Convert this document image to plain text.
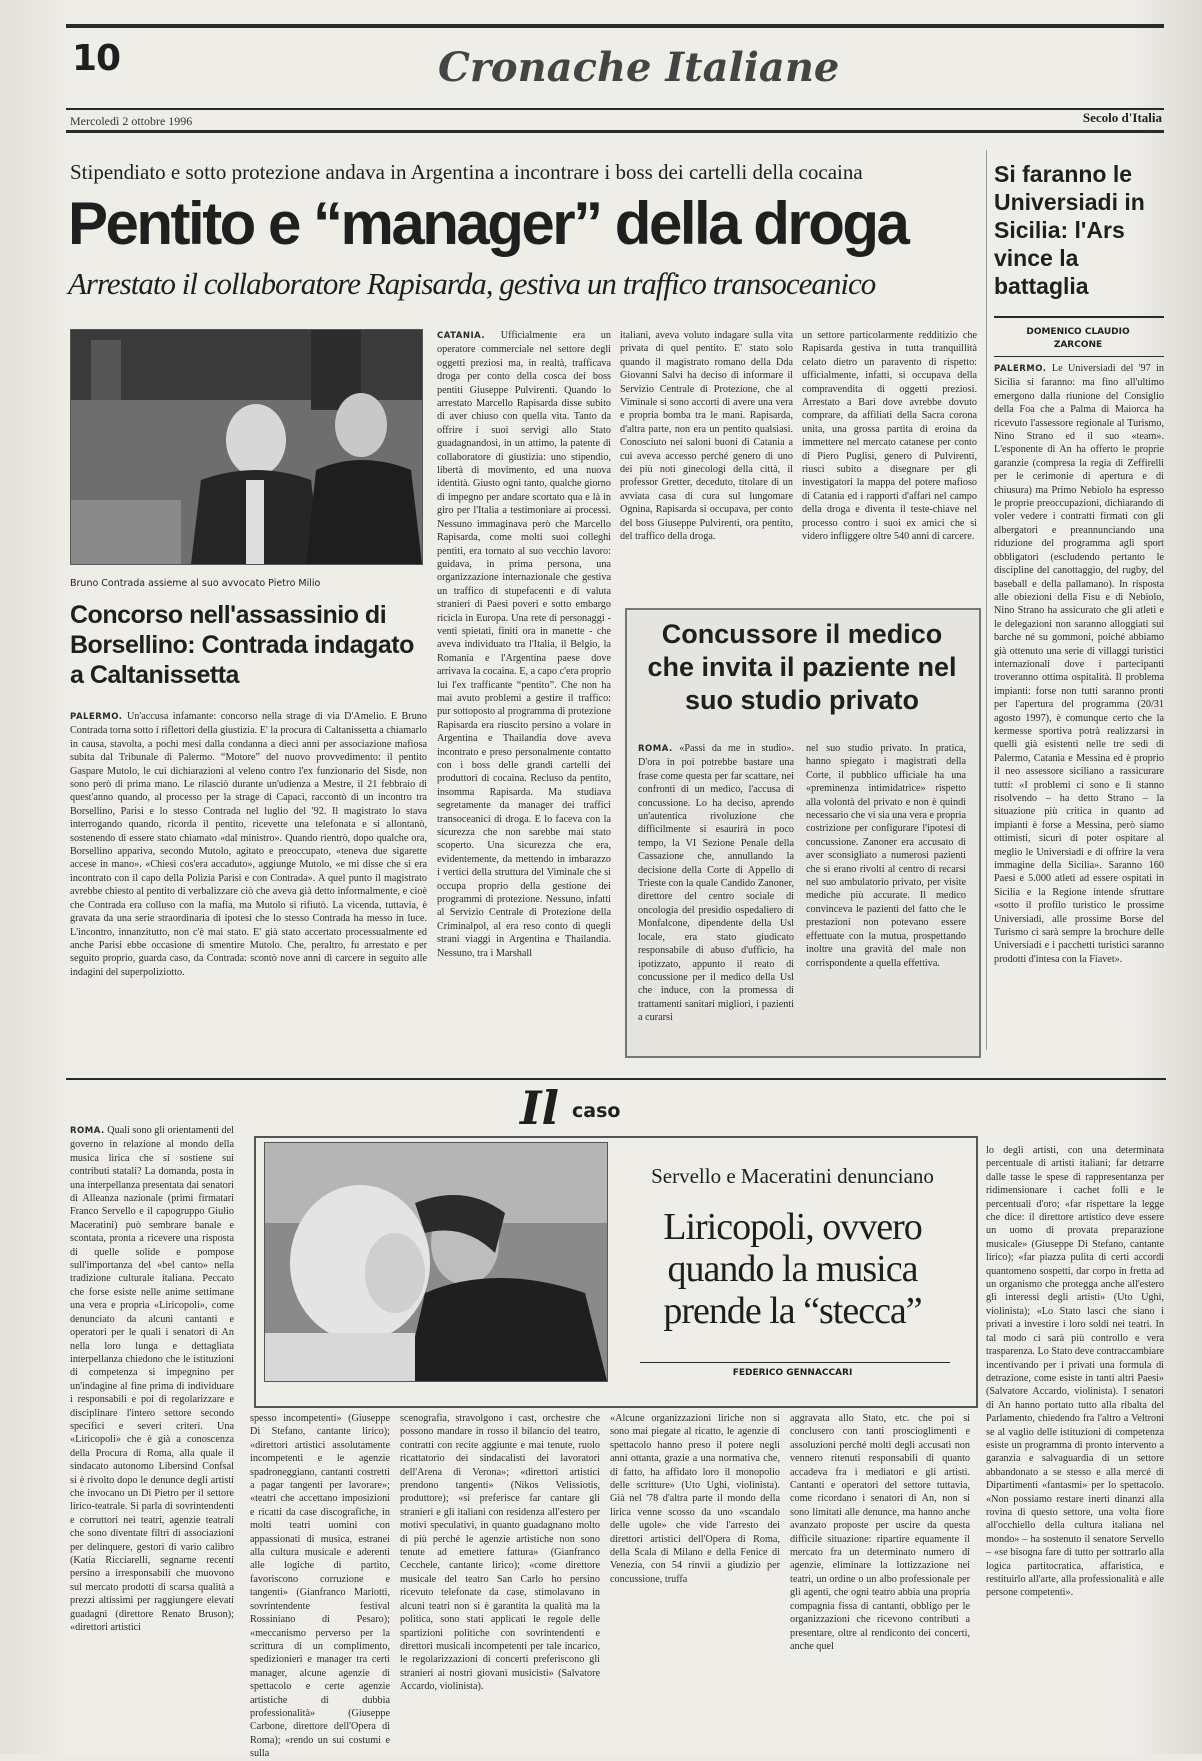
10	Cronache Italiane
Mercoledì 2 ottobre 1996	Secolo d'Italia
Stipendiato e sotto protezione andava in Argentina a incontrare i boss dei cartelli della cocaina
Pentito e “manager” della droga
Arrestato il collaboratore Rapisarda, gestiva un traffico transoceanico
Bruno Contrada assieme al suo avvocato Pietro Milio
Concorso nell'assassinio di Borsellino: Contrada indagato a Caltanissetta

PALERMO. Un'accusa infamante: concorso nella strage di via D'Amelio. E Bruno Contrada torna sotto i riflettori della giustizia. E' la procura di Caltanissetta a chiamarlo in causa, stavolta, a pochi mesi dalla condanna a dieci anni per associazione mafiosa subita dal Tribunale di Palermo. “Motore” del nuovo provvedimento: il pentito Gaspare Mutolo, le cui dichiarazioni al veleno contro l'ex funzionario del Sisde, non sono però di prima mano. Le rilasciò durante un'udienza a Mestre, il 21 febbraio di quest'anno quando, al processo per la strage di Capaci, raccontò di un incontro tra Borsellino, Parisi e lo stesso Contrada nel luglio del '92. Il magistrato lo stava interrogando quando, ricorda il pentito, ricevette una telefonata e si allontanò, sostenendo di essere stato chiamato «dal ministro». Quando rientrò, dopo qualche ora, Borsellino appariva, secondo Mutolo, agitato e preoccupato, «teneva due sigarette accese in mano». «Chiesi cos'era accaduto», aggiunge Mutolo, «e mi disse che si era incontrato con il capo della Polizia Parisi e con Contrada». A quel punto il magistrato avrebbe chiesto al pentito di verbalizzare ciò che aveva già detto informalmente, e cioè che Contrada era colluso con la mafia, ma Mutolo si rifiutò. La vicenda, tuttavia, è gravata da una serie straordinaria di ipotesi che lo stesso Contrada ha messo in luce. L'incontro, innanzitutto, non c'è mai stato. E' già stato accertato processualmente ed anche Parisi ebbe occasione di smentire Mutolo. Che, peraltro, fu arrestato e per seguito proprio, guarda caso, da Contrada: scontò nove anni di carcere in seguito alle indagini del superpoliziotto.

CATANIA. Ufficialmente era un operatore commerciale nel settore degli oggetti preziosi ma, in realtà, trafficava droga per conto della cosca dei boss pentiti Giuseppe Pulvirenti. Quando lo arrestato Marcello Rapisarda disse subito di aver chiuso con quella vita. Tanto da offrire i suoi servigi allo Stato guadagnandosi, in un attimo, la patente di collaboratore di giustizia: uno stipendio, libertà di movimento, ed una nuova identità. Giusto ogni tanto, qualche giorno di impegno per andare scortato qua e là in giro per l'Italia a testimoniare ai processi. Nessuno immaginava però che Marcello Rapisarda, come molti suoi colleghi pentiti, era tornato al suo vecchio lavoro: guidava, in prima persona, una organizzazione internazionale che gestiva un traffico di stupefacenti e di valuta stranieri di Paesi poveri e sotto embargo ricicla in Europa. Una rete di personaggi - venti spietati, finiti ora in manette - che aveva individuato tra l'Italia, il Belgio, la Romania e l'Argentina paese dove arrivava la cocaina. E, a capo c'era proprio lui l'ex trafficante “pentito”. Che non ha mai avuto problemi a gestire il traffico: pur sottoposto al programma di protezione Rapisarda era riuscito persino a volare in Argentina e Thailandia dove aveva incontrato e preso personalmente contatto con i boss delle grandi cartelli dei produttori di cocaina. Recluso da pentito, insomma Rapisarda. Ma studiava segretamente da manager dei traffici transoceanici di droga. E lo faceva con la sicurezza che non sarebbe mai stato scoperto. Una sicurezza che era, evidentemente, da mettendo in imbarazzo i vertici della struttura del Viminale che si occupa proprio della gestione dei programmi di protezione. Nessuno, infatti al Servizio Centrale di Protezione della Criminalpol, al era reso conto di quegli strani viaggi in Argentina e Thailandia. Nessuno, tra i Marshall

italiani, aveva voluto indagare sulla vita privata di quel pentito. E' stato solo quando il magistrato romano della Dda Giovanni Salvi ha deciso di informare il Servizio Centrale di Protezione, che al Viminale si sono accorti di avere una vera e propria bomba tra le mani. Rapisarda, d'altra parte, non era un pentito qualsiasi. Conosciuto nei saloni buoni di Catania a cui aveva accesso perché genero di uno dei più noti ginecologi della città, il professor Gretter, deceduto, titolare di un avviata casa di cura sul lungomare Ognina, Rapisarda si occupava, per conto del boss Giuseppe Pulvirenti, ora pentito, del traffico della droga.

un settore particolarmente redditizio che Rapisarda gestiva in tutta tranquillità celato dietro un paravento di rispetto: ufficialmente, infatti, si occupava della compravendita di oggetti preziosi. Arrestato a Bari dove avrebbe dovuto comprare, da affiliati della Sacra corona unita, una grossa partita di eroina da immettere nel mercato catanese per conto di Piero Puglisi, genero di Pulvirenti, riuscì subito a disegnare per gli investigatori la mappa del potere mafioso di Catania ed i rapporti d'affari nel campo della droga e diventa il teste-chiave nel processo contro i suoi ex amici che si videro infliggere oltre 540 anni di carcere.

Concussore il medico che invita il paziente nel suo studio privato

ROMA. «Passi da me in studio». D'ora in poi potrebbe bastare una frase come questa per far scattare, nei confronti di un medico, l'accusa di concussione. Lo ha deciso, aprendo un'autentica rivoluzione che difficilmente si esaurirà in poco tempo, la VI Sezione Penale della Cassazione che, annullando la decisione della Corte di Appello di Trieste con la quale Candido Zanoner, direttore del centro sociale di oncologia del presidio ospedaliero di Monfalcone, dipendente della Usl locale, era stato giudicato responsabile di abuso d'ufficio, ha ipotizzato, appunto il reato di concussione per il medico della Usl che induce, con la promessa di trattamenti sanitari migliori, i pazienti a curarsi

nel suo studio privato. In pratica, hanno spiegato i magistrati della Corte, il pubblico ufficiale ha una «preminenza intimidatrice» rispetto alla volontà del privato e non è quindi necessario che vi sia una vera e propria costrizione per configurare l'ipotesi di concussione. Zanoner era accusato di aver sconsigliato a numerosi pazienti che si erano rivolti al centro di recarsi nel suo ambulatorio privato, per visite mediche più accurate. Il medico convinceva le pazienti del fatto che le prestazioni non potevano essere effettuate con la mutua, prospettando inoltre una gravità del male non corrispondente a quella effettiva.

Si faranno le Universiadi in Sicilia: l'Ars vince la battaglia
DOMENICO CLAUDIO ZARCONE

PALERMO. Le Universiadi del '97 in Sicilia si faranno: ma fino all'ultimo emergono dalla riunione del Consiglio della Foa che a Palma di Maiorca ha ricevuto l'assessore regionale al Turismo, Nino Strano ed il suo «team». L'esponente di An ha offerto le proprie garanzie (compresa la regia di Zeffirelli per le cerimonie di apertura e di chiusura) ma Primo Nebiolo ha espresso le proprie preoccupazioni, dichiarando di voler vedere i contratti firmati con gli albergatori e preannunciando una riduzione del programma agli sport obbligatori (escludendo pertanto le discipline del canottaggio, del rugby, del baseball e della pallamano). In risposta alle obiezioni della Fisu e di Nebiolo, Nino Strano ha assicurato che gli atleti e le delegazioni non saranno alloggiati sui barche né su gommoni, poiché abbiamo già ottenuto una serie di villaggi turistici internazionali dove i partecipanti troveranno ottima ospitalità. Il problema impianti: forse non tutti saranno pronti per l'apertura del programma (20/31 agosto 1997), è comunque certo che la kermesse sportiva potrà realizzarsi in quelli già esistenti nelle tre sedi di Palermo, Catania e Messina ed è proprio il neo assessore siciliano a rassicurare tutti: «I problemi ci sono e li stanno risolvendo – ha detto Strano – la situazione più critica in quanto ad impianti è forse a Messina, però siamo ottimisti, sicuri di poter ospitare al meglio le Universiadi e di offrire la vera immagine della Sicilia». Saranno 160 Paesi e 5.000 atleti ad essere ospitati in Sicilia e la Regione intende sfruttare «sotto il profilo turistico le prossime Universiadi, alle prossime Borse del Turismo ci sarà sempre la brochure delle Universiadi e i pacchetti turistici saranno prodotti d'intesa con la Fiavet».

Il caso

ROMA. Quali sono gli orientamenti del governo in relazione al mondo della musica lirica che si sostiene sui contributi statali? La domanda, posta in una interpellanza presentata dai senatori di Alleanza nazionale (primi firmatari Franco Servello e il capogruppo Giulio Maceratini) può sembrare banale e scontata, pronta a ricevere una risposta di quelle solide e pompose sull'importanza del «bel canto» nella tradizione culturale italiana. Peccato che forse esiste nelle anime settimane una vera e propria «Liricopoli», come denunciato da alcuni cantanti e operatori per le quali i senatori di An nella loro lunga e dettagliata interpellanza chiedono che le istituzioni di competenza si impegnino per un'indagine al fine prima di individuare i responsabili e poi di regolarizzare e disciplinare l'intero settore secondo specifici e severi criteri. Una «Liricopoli» che è già a conoscenza della Procura di Roma, alla quale il sindacato autonomo Libersind Confsal si è rivolto dopo le denunce degli artisti che invocano un Di Pietro per il settore lirico-teatrale. Si parla di sovrintendenti e corruttori nei teatri, agenzie teatrali che sono diventate filtri di associazioni per delinquere, gestori di vario calibro (Katia Ricciarelli, segnarne recenti persino a irresponsabili che muovono sul mercato prodotti di scarsa qualità a prezzi altissimi per raggiungere elevati guadagni (direttore Renato Bruson); «direttori artistici

Servello e Maceratini denunciano
Liricopoli, ovvero quando la musica prende la “stecca”
FEDERICO GENNACCARI

spesso incompetenti» (Giuseppe Di Stefano, cantante lirico); «direttori artistici assolutamente incompetenti e le agenzie spadroneggiano, cantanti costretti a pagar tangenti per lavorare»; «teatri che accettano imposizioni e ricatti da case discografiche, in molti teatri uomini con appassionati di musica, estranei alla cultura musicale e aderenti alle logiche di partito, favoriscono corruzione e tangenti» (Gianfranco Mariotti, sovrintendente festival Rossiniano di Pesaro); «meccanismo perverso per la scrittura di un complimento, spedizionieri e manager tra certi manager, alcune agenzie di spettacolo e certe agenzie artistiche di dubbia professionalità» (Giuseppe Carbone, direttore dell'Opera di Roma); «rendo un sui costumi e sulla

scenografia, stravolgono i cast, orchestre che possono mandare in rosso il bilancio del teatro, contratti con recite aggiunte e mai tenute, ruolo ricattatorio dei sindacalisti dei lavoratori dell'Arena di Verona»; «direttori artistici prendono tangenti» (Nikos Velissiotis, produttore); «si preferisce far cantare gli stranieri e gli italiani con residenza all'estero per motivi speculativi, in quanto guadagnano molto di più perché le agenzie artistiche non sono tenute ad emettere fattura» (Gianfranco Cecchele, cantante lirico); «come direttore musicale del teatro San Carlo ho persino ricevuto telefonate da case, stimolavano in alcuni teatri non si è garantita la qualità ma la politica, sono stati applicati le regole delle spartizioni politiche con sovrintendenti e direttori musicali incompetenti per tale incarico, le regolarizzazioni di concerti preferiscono gli stranieri ai nostri giovani musicisti» (Salvatore Accardo, violinista).

«Alcune organizzazioni liriche non si sono mai piegate al ricatto, le agenzie di spettacolo hanno preso il potere negli anni ottanta, grazie a una normativa che, di fatto, ha affidato loro il monopolio delle scritture» (Uto Ughi, violinista). Già nel '78 d'altra parte il mondo della lirica venne scosso da uno «scandalo delle ugole» che vide l'arresto dei direttori artistici dell'Opera di Roma, della Scala di Milano e della Fenice di Venezia, con 54 rinvii a giudizio per concussione, truffa

aggravata allo Stato, etc. che poi si conclusero con tanti proscioglimenti e assoluzioni perché molti degli accusati non vennero ritenuti responsabili di quanto accadeva fra i mediatori e gli artisti. Cantanti e operatori del settore tuttavia, come ricordano i senatori di An, non si sono limitati alle denunce, ma hanno anche avanzato proposte per uscire da questa difficile situazione: ripartire equamente il mercato fra un determinato numero di agenzie, eliminare la lottizzazione nei teatri, un ordine o un albo professionale per gli agenti, che ogni teatro abbia una propria compagnia fissa di cantanti, obbligo per le organizzazioni che ricevono contributi a presentare, oltre al rendiconto dei concerti, anche quel

lo degli artisti, con una determinata percentuale di artisti italiani; far detrarre dalle tasse le spese di rappresentanza per ridimensionare i cachet folli e le percentuali d'oro; «far rispettare la legge che dice: il direttore artistico deve essere un uomo di provata preparazione musicale» (Giuseppe Di Stefano, cantante lirico); «far piazza pulita di certi accordi quantomeno sospetti, dar corpo in fretta ad un organismo che protegga anche all'estero gli interessi degli artisti» (Uto Ughi, violinista); «Lo Stato lasci che siano i privati a investire i loro soldi nei teatri. In tal modo ci sarà più controllo e vera trasparenza. Lo Stato deve contraccambiare incentivando per i privati una formula di detrazione, come esiste in tanti altri Paesi» (Salvatore Accardo, violinista). I senatori di An hanno portato tutto alla ribalta del Parlamento, chiedendo fra l'altro a Veltroni se al vaglio delle istituzioni di competenza esiste un programma di pronto intervento a garanzia e salvaguardia di un settore abbandonato a se stesso e alla mercé di Dipartimenti «fantasmi» per lo spettacolo. «Non possiamo restare inerti dinanzi alla rovina di questo settore, una volta fiore all'occhiello della cultura italiana nel mondo» – ha sostenuto il senatore Servello – «se bisogna fare di tutto per sottrarlo alla logica partitocratica, affaristica, e restituirlo all'arte, alla professionalità e alle persone competenti».
